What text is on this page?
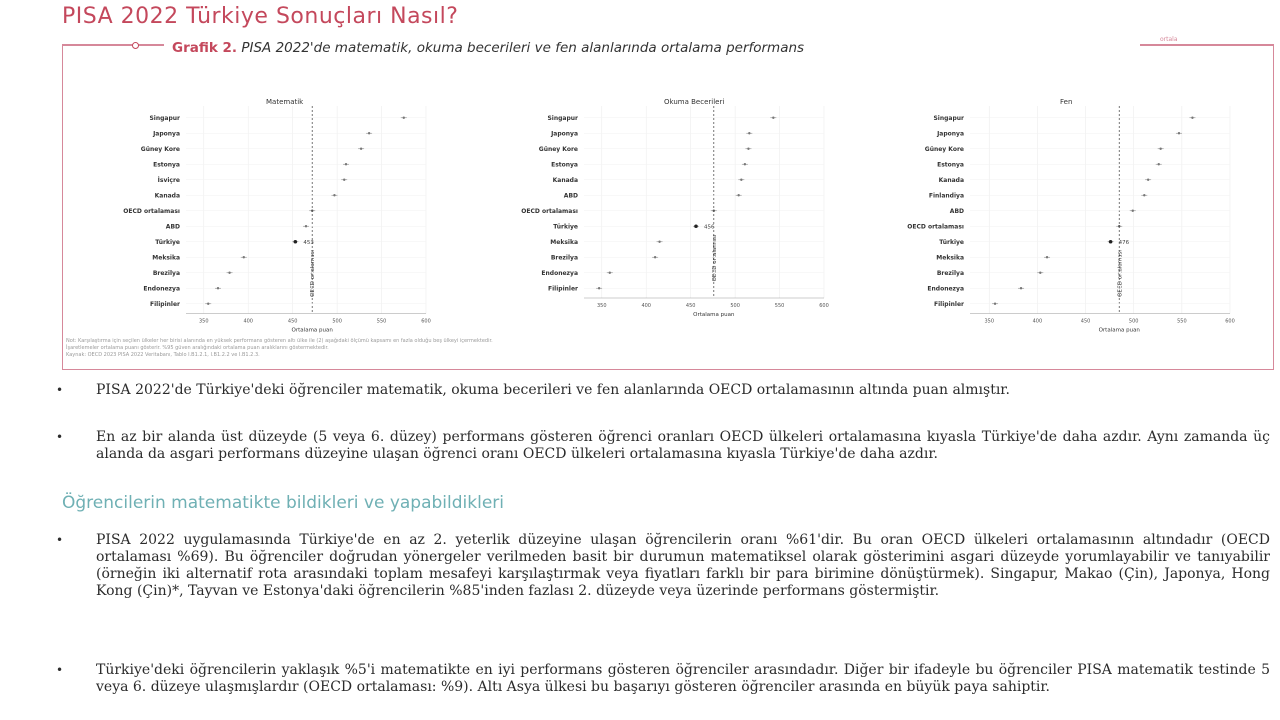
PISA 2022 Türkiye Sonuçları Nasıl?
ortala
Grafik 2. PISA 2022'de matematik, okuma becerileri ve fen alanlarında ortalama performans
Matematik
OECD ortalaması
Singapur
Japonya
Güney Kore
Estonya
İsviçre
Kanada
OECD ortalaması
ABD
Türkiye	453
Meksika
Brezilya
Endonezya
Filipinler
350	400	450	500	550	600
Ortalama puan
Okuma Becerileri
OECD ortalaması
Singapur
Japonya
Güney Kore
Estonya
Kanada
ABD
OECD ortalaması
Türkiye	456
Meksika
Brezilya
Endonezya
Filipinler
350	400	450	500	550	600
Ortalama puan
Fen
OECD ortalaması
Singapur
Japonya
Güney Kore
Estonya
Kanada
Finlandiya
ABD
OECD ortalaması
Türkiye	476
Meksika
Brezilya
Endonezya
Filipinler
350	400	450	500	550	600
Ortalama puan
Not: Karşılaştırma için seçilen ülkeler her birisi alanında en yüksek performans gösteren altı ülke ile (2) aşağıdaki ölçümü kapsamı en fazla olduğu beş ülkeyi içermektedir.
İşaretlemeler ortalama puanı gösterir. %95 güven aralığındaki ortalama puan aralıklarını göstermektedir.
Kaynak: OECD 2023 PISA 2022 Veritabanı, Tablo I.B1.2.1, I.B1.2.2 ve I.B1.2.3.
• PISA 2022'de Türkiye'deki öğrenciler matematik, okuma becerileri ve fen alanlarında OECD ortalamasının altında puan almıştır.
• En az bir alanda üst düzeyde (5 veya 6. düzey) performans gösteren öğrenci oranları OECD ülkeleri ortalamasına kıyasla Türkiye'de daha azdır. Aynı zamanda üç alanda da asgari performans düzeyine ulaşan öğrenci oranı OECD ülkeleri ortalamasına kıyasla Türkiye'de daha azdır.
Öğrencilerin matematikte bildikleri ve yapabildikleri
• PISA 2022 uygulamasında Türkiye'de en az 2. yeterlik düzeyine ulaşan öğrencilerin oranı %61'dir. Bu oran OECD ülkeleri ortalamasının altındadır (OECD ortalaması %69). Bu öğrenciler doğrudan yönergeler verilmeden basit bir durumun matematiksel olarak gösterimini asgari düzeyde yorumlayabilir ve tanıyabilir (örneğin iki alternatif rota arasındaki toplam mesafeyi karşılaştırmak veya fiyatları farklı bir para birimine dönüştürmek). Singapur, Makao (Çin), Japonya, Hong Kong (Çin)*, Tayvan ve Estonya'daki öğrencilerin %85'inden fazlası 2. düzeyde veya üzerinde performans göstermiştir.
• Türkiye'deki öğrencilerin yaklaşık %5'i matematikte en iyi performans gösteren öğrenciler arasındadır. Diğer bir ifadeyle bu öğrenciler PISA matematik testinde 5 veya 6. düzeye ulaşmışlardır (OECD ortalaması: %9). Altı Asya ülkesi bu başarıyı gösteren öğrenciler arasında en büyük paya sahiptir.
